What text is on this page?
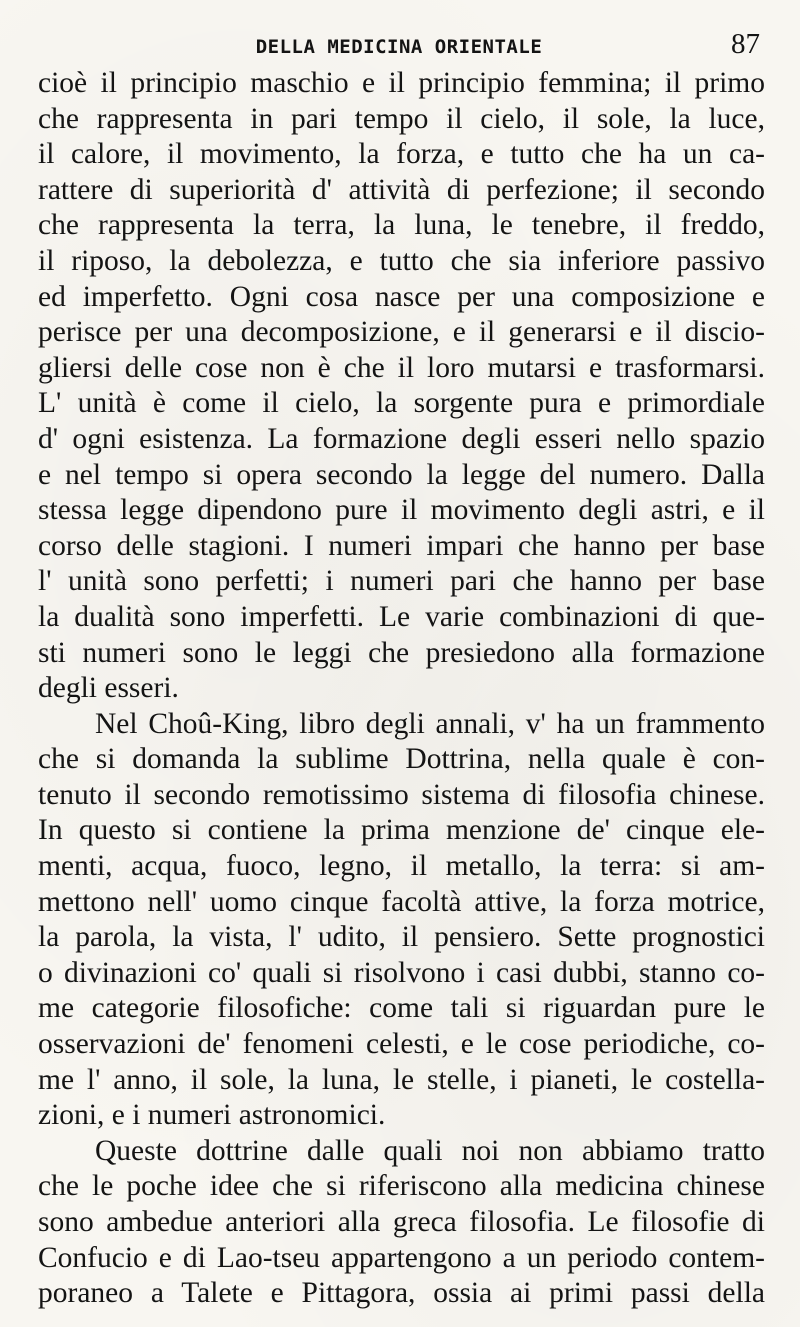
DELLA MEDICINA ORIENTALE	87
cioè il principio maschio e il principio femmina; il primo
che rappresenta in pari tempo il cielo, il sole, la luce,
il calore, il movimento, la forza, e tutto che ha un ca-
rattere di superiorità d' attività di perfezione; il secondo
che rappresenta la terra, la luna, le tenebre, il freddo,
il riposo, la debolezza, e tutto che sia inferiore passivo
ed imperfetto. Ogni cosa nasce per una composizione e
perisce per una decomposizione, e il generarsi e il discio-
gliersi delle cose non è che il loro mutarsi e trasformarsi.
L' unità è come il cielo, la sorgente pura e primordiale
d' ogni esistenza. La formazione degli esseri nello spazio
e nel tempo si opera secondo la legge del numero. Dalla
stessa legge dipendono pure il movimento degli astri, e il
corso delle stagioni. I numeri impari che hanno per base
l' unità sono perfetti; i numeri pari che hanno per base
la dualità sono imperfetti. Le varie combinazioni di que-
sti numeri sono le leggi che presiedono alla formazione
degli esseri.
Nel Choû-King, libro degli annali, v' ha un frammento
che si domanda la sublime Dottrina, nella quale è con-
tenuto il secondo remotissimo sistema di filosofia chinese.
In questo si contiene la prima menzione de' cinque ele-
menti, acqua, fuoco, legno, il metallo, la terra: si am-
mettono nell' uomo cinque facoltà attive, la forza motrice,
la parola, la vista, l' udito, il pensiero. Sette prognostici
o divinazioni co' quali si risolvono i casi dubbi, stanno co-
me categorie filosofiche: come tali si riguardan pure le
osservazioni de' fenomeni celesti, e le cose periodiche, co-
me l' anno, il sole, la luna, le stelle, i pianeti, le costella-
zioni, e i numeri astronomici.
Queste dottrine dalle quali noi non abbiamo tratto
che le poche idee che si riferiscono alla medicina chinese
sono ambedue anteriori alla greca filosofia. Le filosofie di
Confucio e di Lao-tseu appartengono a un periodo contem-
poraneo a Talete e Pittagora, ossia ai primi passi della
